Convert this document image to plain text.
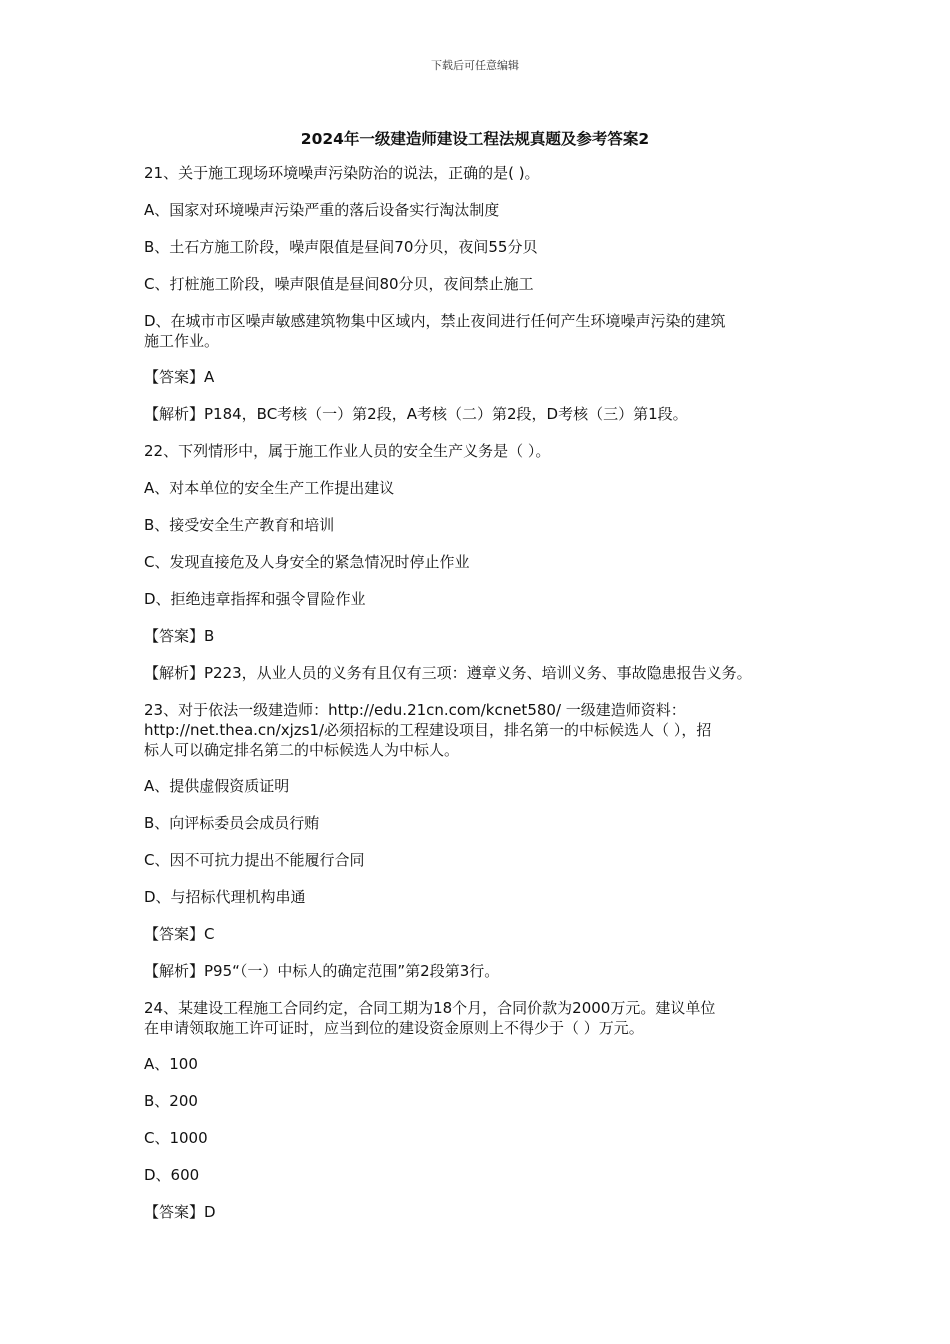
下载后可任意编辑
2024年一级建造师建设工程法规真题及参考答案2

21、关于施工现场环境噪声污染防治的说法，正确的是( )。

A、国家对环境噪声污染严重的落后设备实行淘汰制度

B、土石方施工阶段，噪声限值是昼间70分贝，夜间55分贝

C、打桩施工阶段，噪声限值是昼间80分贝，夜间禁止施工

D、在城市市区噪声敏感建筑物集中区域内，禁止夜间进行任何产生环境噪声污染的建筑
施工作业。

【答案】A

【解析】P184，BC考核（一）第2段，A考核（二）第2段，D考核（三）第1段。

22、下列情形中，属于施工作业人员的安全生产义务是（ ）。

A、对本单位的安全生产工作提出建议

B、接受安全生产教育和培训

C、发现直接危及人身安全的紧急情况时停止作业

D、拒绝违章指挥和强令冒险作业

【答案】B

【解析】P223，从业人员的义务有且仅有三项：遵章义务、培训义务、事故隐患报告义务。

23、对于依法一级建造师：http://edu.21cn.com/kcnet580/ 一级建造师资料：
http://net.thea.cn/xjzs1/必须招标的工程建设项目，排名第一的中标候选人（ ），招
标人可以确定排名第二的中标候选人为中标人。

A、提供虚假资质证明

B、向评标委员会成员行贿

C、因不可抗力提出不能履行合同

D、与招标代理机构串通

【答案】C

【解析】P95“（一）中标人的确定范围”第2段第3行。

24、某建设工程施工合同约定，合同工期为18个月，合同价款为2000万元。建议单位
在申请领取施工许可证时，应当到位的建设资金原则上不得少于（ ）万元。

A、100

B、200

C、1000

D、600

【答案】D
